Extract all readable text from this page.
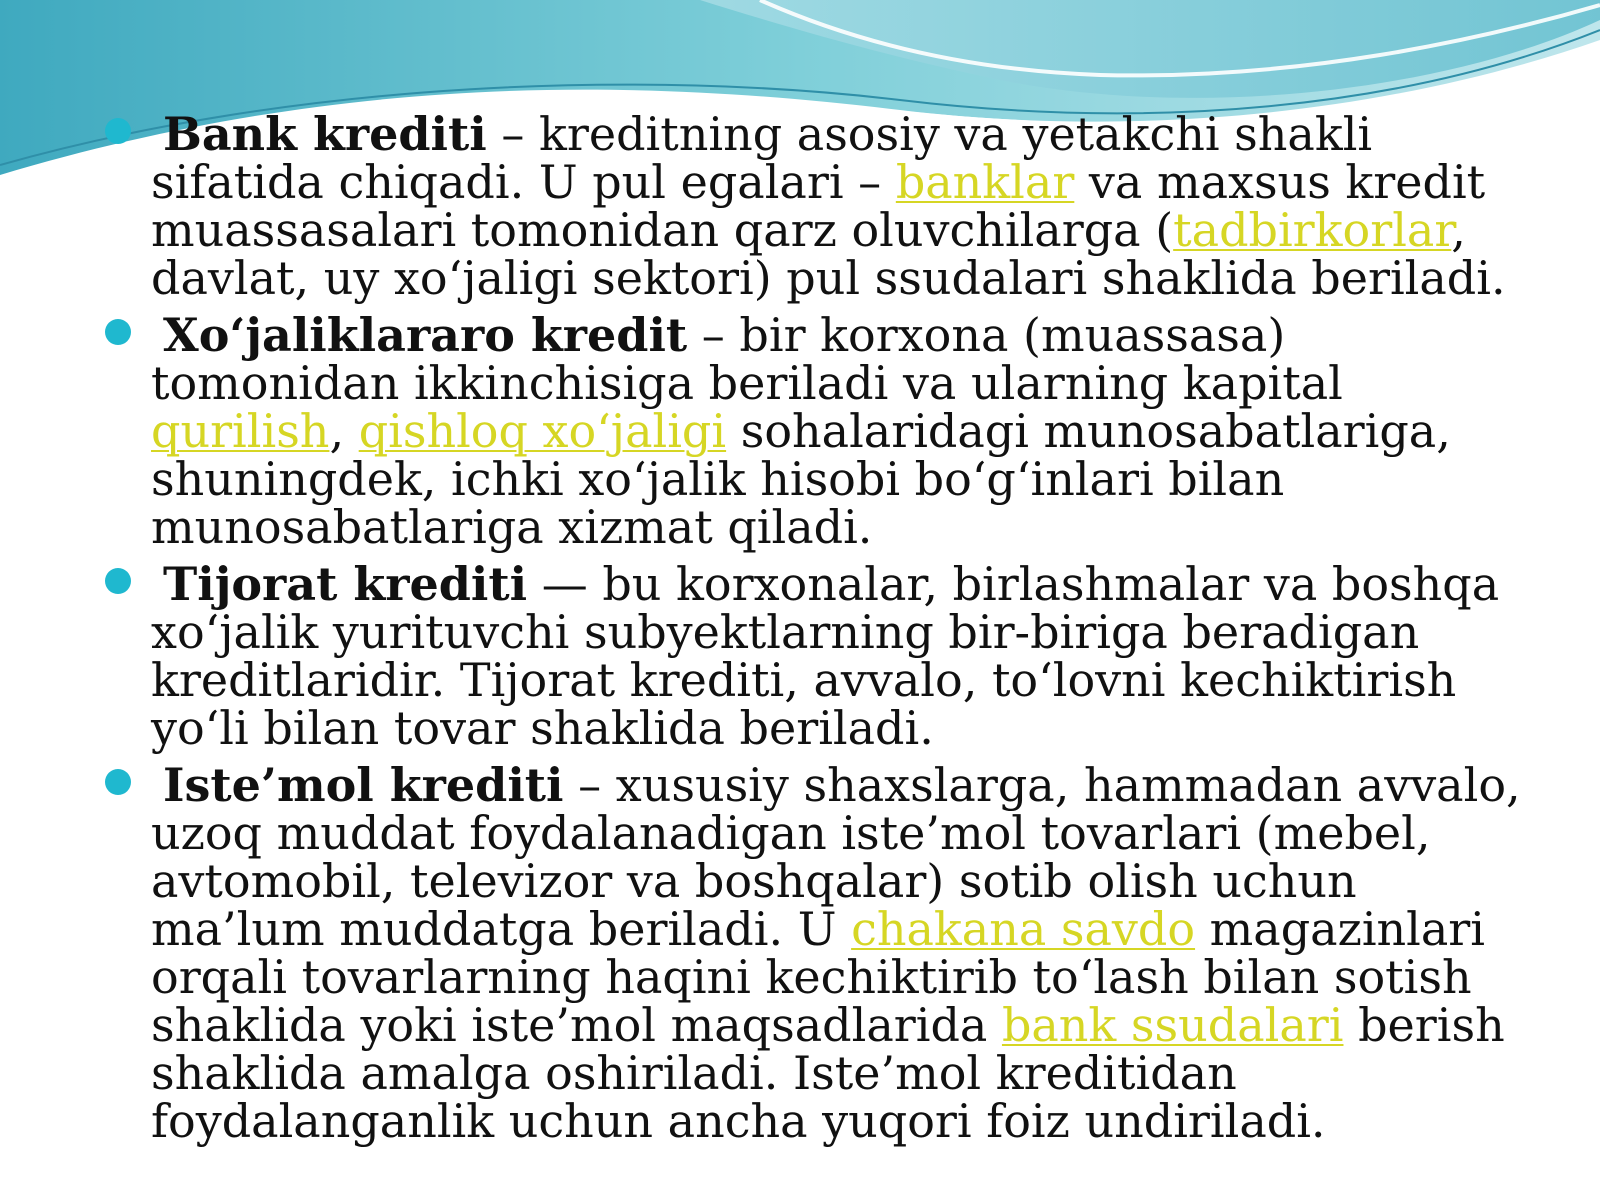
Bank krediti – kreditning asosiy va yetakchi shakli sifatida chiqadi. U pul egalari – banklar va maxsus kredit muassasalari tomonidan qarz oluvchilarga (tadbirkorlar, davlat, uy xo‘jaligi sektori) pul ssudalari shaklida beriladi.
Xo‘jaliklararo kredit – bir korxona (muassasa) tomonidan ikkinchisiga beriladi va ularning kapital qurilish, qishloq xo‘jaligi sohalaridagi munosabatlariga, shuningdek, ichki xo‘jalik hisobi bo‘g‘inlari bilan munosabatlariga xizmat qiladi.
Tijorat krediti — bu korxonalar, birlashmalar va boshqa xo‘jalik yurituvchi subyektlarning bir-biriga beradigan kreditlaridir. Tijorat krediti, avvalo, to‘lovni kechiktirish yo‘li bilan tovar shaklida beriladi.
Iste’mol krediti – xususiy shaxslarga, hammadan avvalo, uzoq muddat foydalanadigan iste’mol tovarlari (mebel, avtomobil, televizor va boshqalar) sotib olish uchun ma’lum muddatga beriladi. U chakana savdo magazinlari orqali tovarlarning haqini kechiktirib to‘lash bilan sotish shaklida yoki iste’mol maqsadlarida bank ssudalari berish shaklida amalga oshiriladi. Iste’mol kreditidan foydalanganlik uchun ancha yuqori foiz undiriladi.
